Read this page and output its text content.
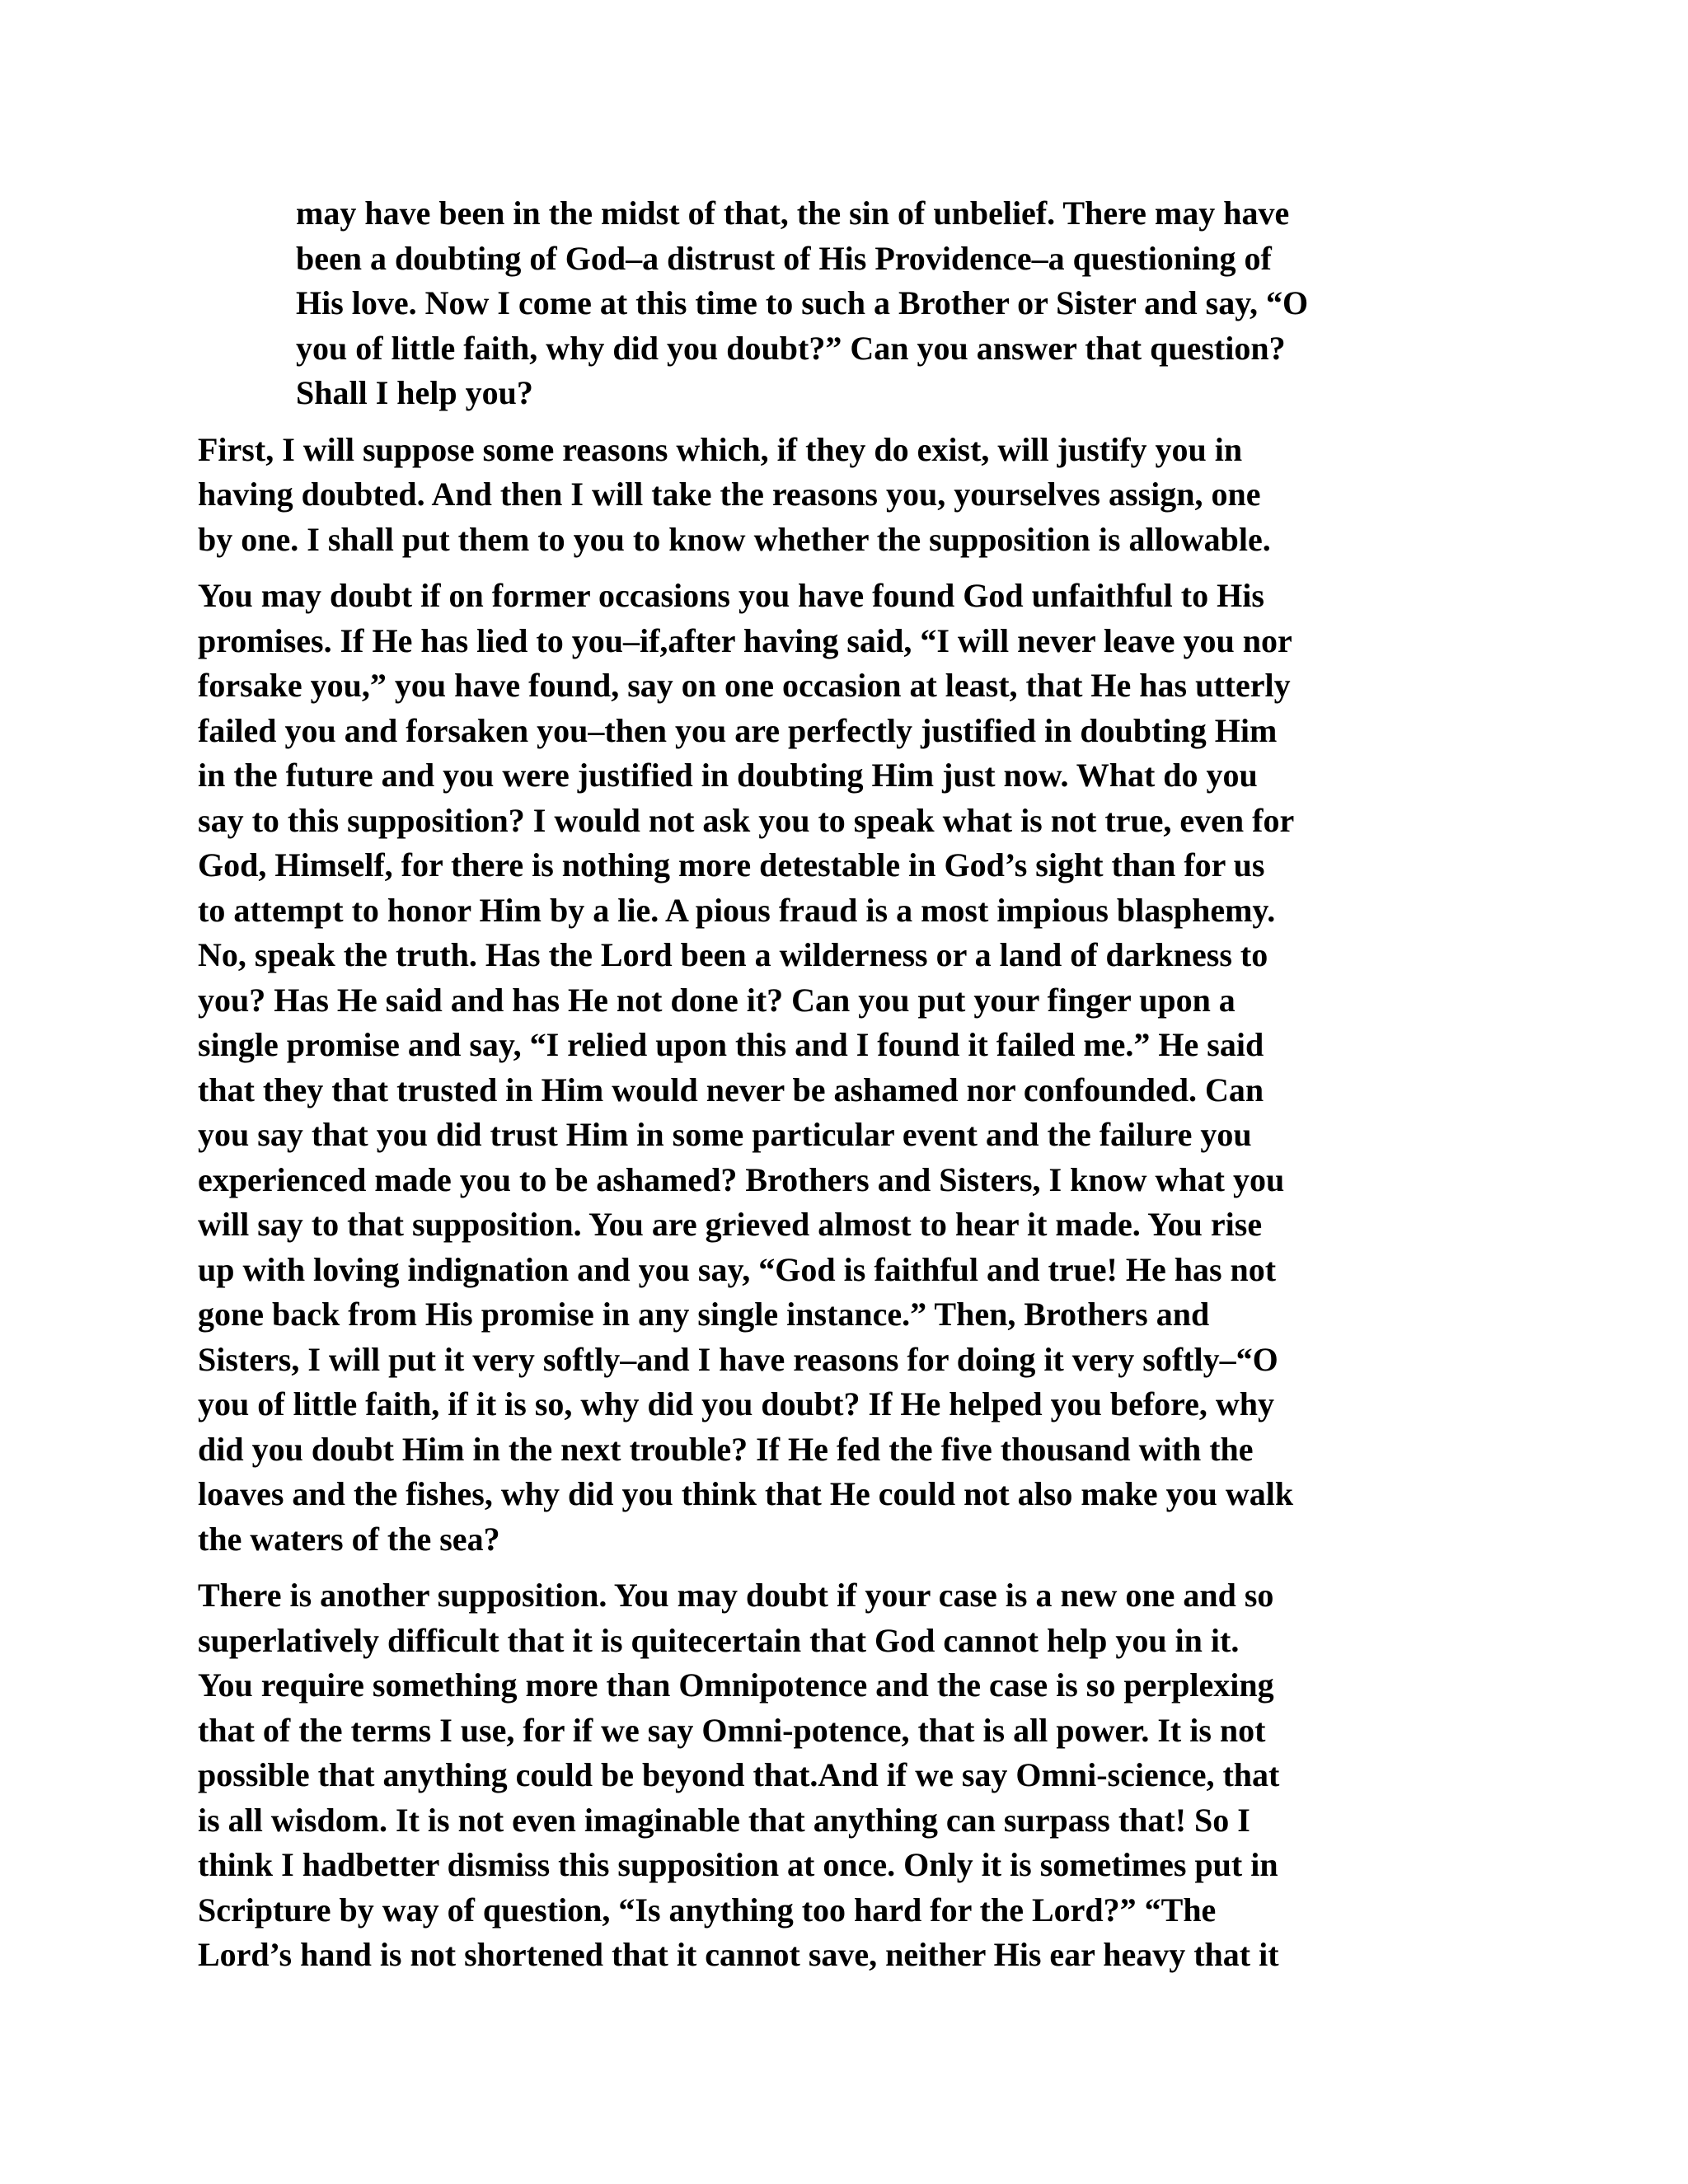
may have been in the midst of that, the sin of unbelief. There may have
been a doubting of God–a distrust of His Providence–a questioning of
His love. Now I come at this time to such a Brother or Sister and say, “O
you of little faith, why did you doubt?” Can you answer that question?
Shall I help you?
First, I will suppose some reasons which, if they do exist, will justify you in
having doubted. And then I will take the reasons you, yourselves assign, one
by one. I shall put them to you to know whether the supposition is allowable.
You may doubt if on former occasions you have found God unfaithful to His
promises. If He has lied to you–if,after having said, “I will never leave you nor
forsake you,” you have found, say on one occasion at least, that He has utterly
failed you and forsaken you–then you are perfectly justified in doubting Him
in the future and you were justified in doubting Him just now. What do you
say to this supposition? I would not ask you to speak what is not true, even for
God, Himself, for there is nothing more detestable in God’s sight than for us
to attempt to honor Him by a lie. A pious fraud is a most impious blasphemy.
No, speak the truth. Has the Lord been a wilderness or a land of darkness to
you? Has He said and has He not done it? Can you put your finger upon a
single promise and say, “I relied upon this and I found it failed me.” He said
that they that trusted in Him would never be ashamed nor confounded. Can
you say that you did trust Him in some particular event and the failure you
experienced made you to be ashamed? Brothers and Sisters, I know what you
will say to that supposition. You are grieved almost to hear it made. You rise
up with loving indignation and you say, “God is faithful and true! He has not
gone back from His promise in any single instance.” Then, Brothers and
Sisters, I will put it very softly–and I have reasons for doing it very softly–“O
you of little faith, if it is so, why did you doubt? If He helped you before, why
did you doubt Him in the next trouble? If He fed the five thousand with the
loaves and the fishes, why did you think that He could not also make you walk
the waters of the sea?
There is another supposition. You may doubt if your case is a new one and so
superlatively difficult that it is quitecertain that God cannot help you in it.
You require something more than Omnipotence and the case is so perplexing
that of the terms I use, for if we say Omni-potence, that is all power. It is not
possible that anything could be beyond that.And if we say Omni-science, that
is all wisdom. It is not even imaginable that anything can surpass that! So I
think I hadbetter dismiss this supposition at once. Only it is sometimes put in
Scripture by way of question, “Is anything too hard for the Lord?” “The
Lord’s hand is not shortened that it cannot save, neither His ear heavy that it
